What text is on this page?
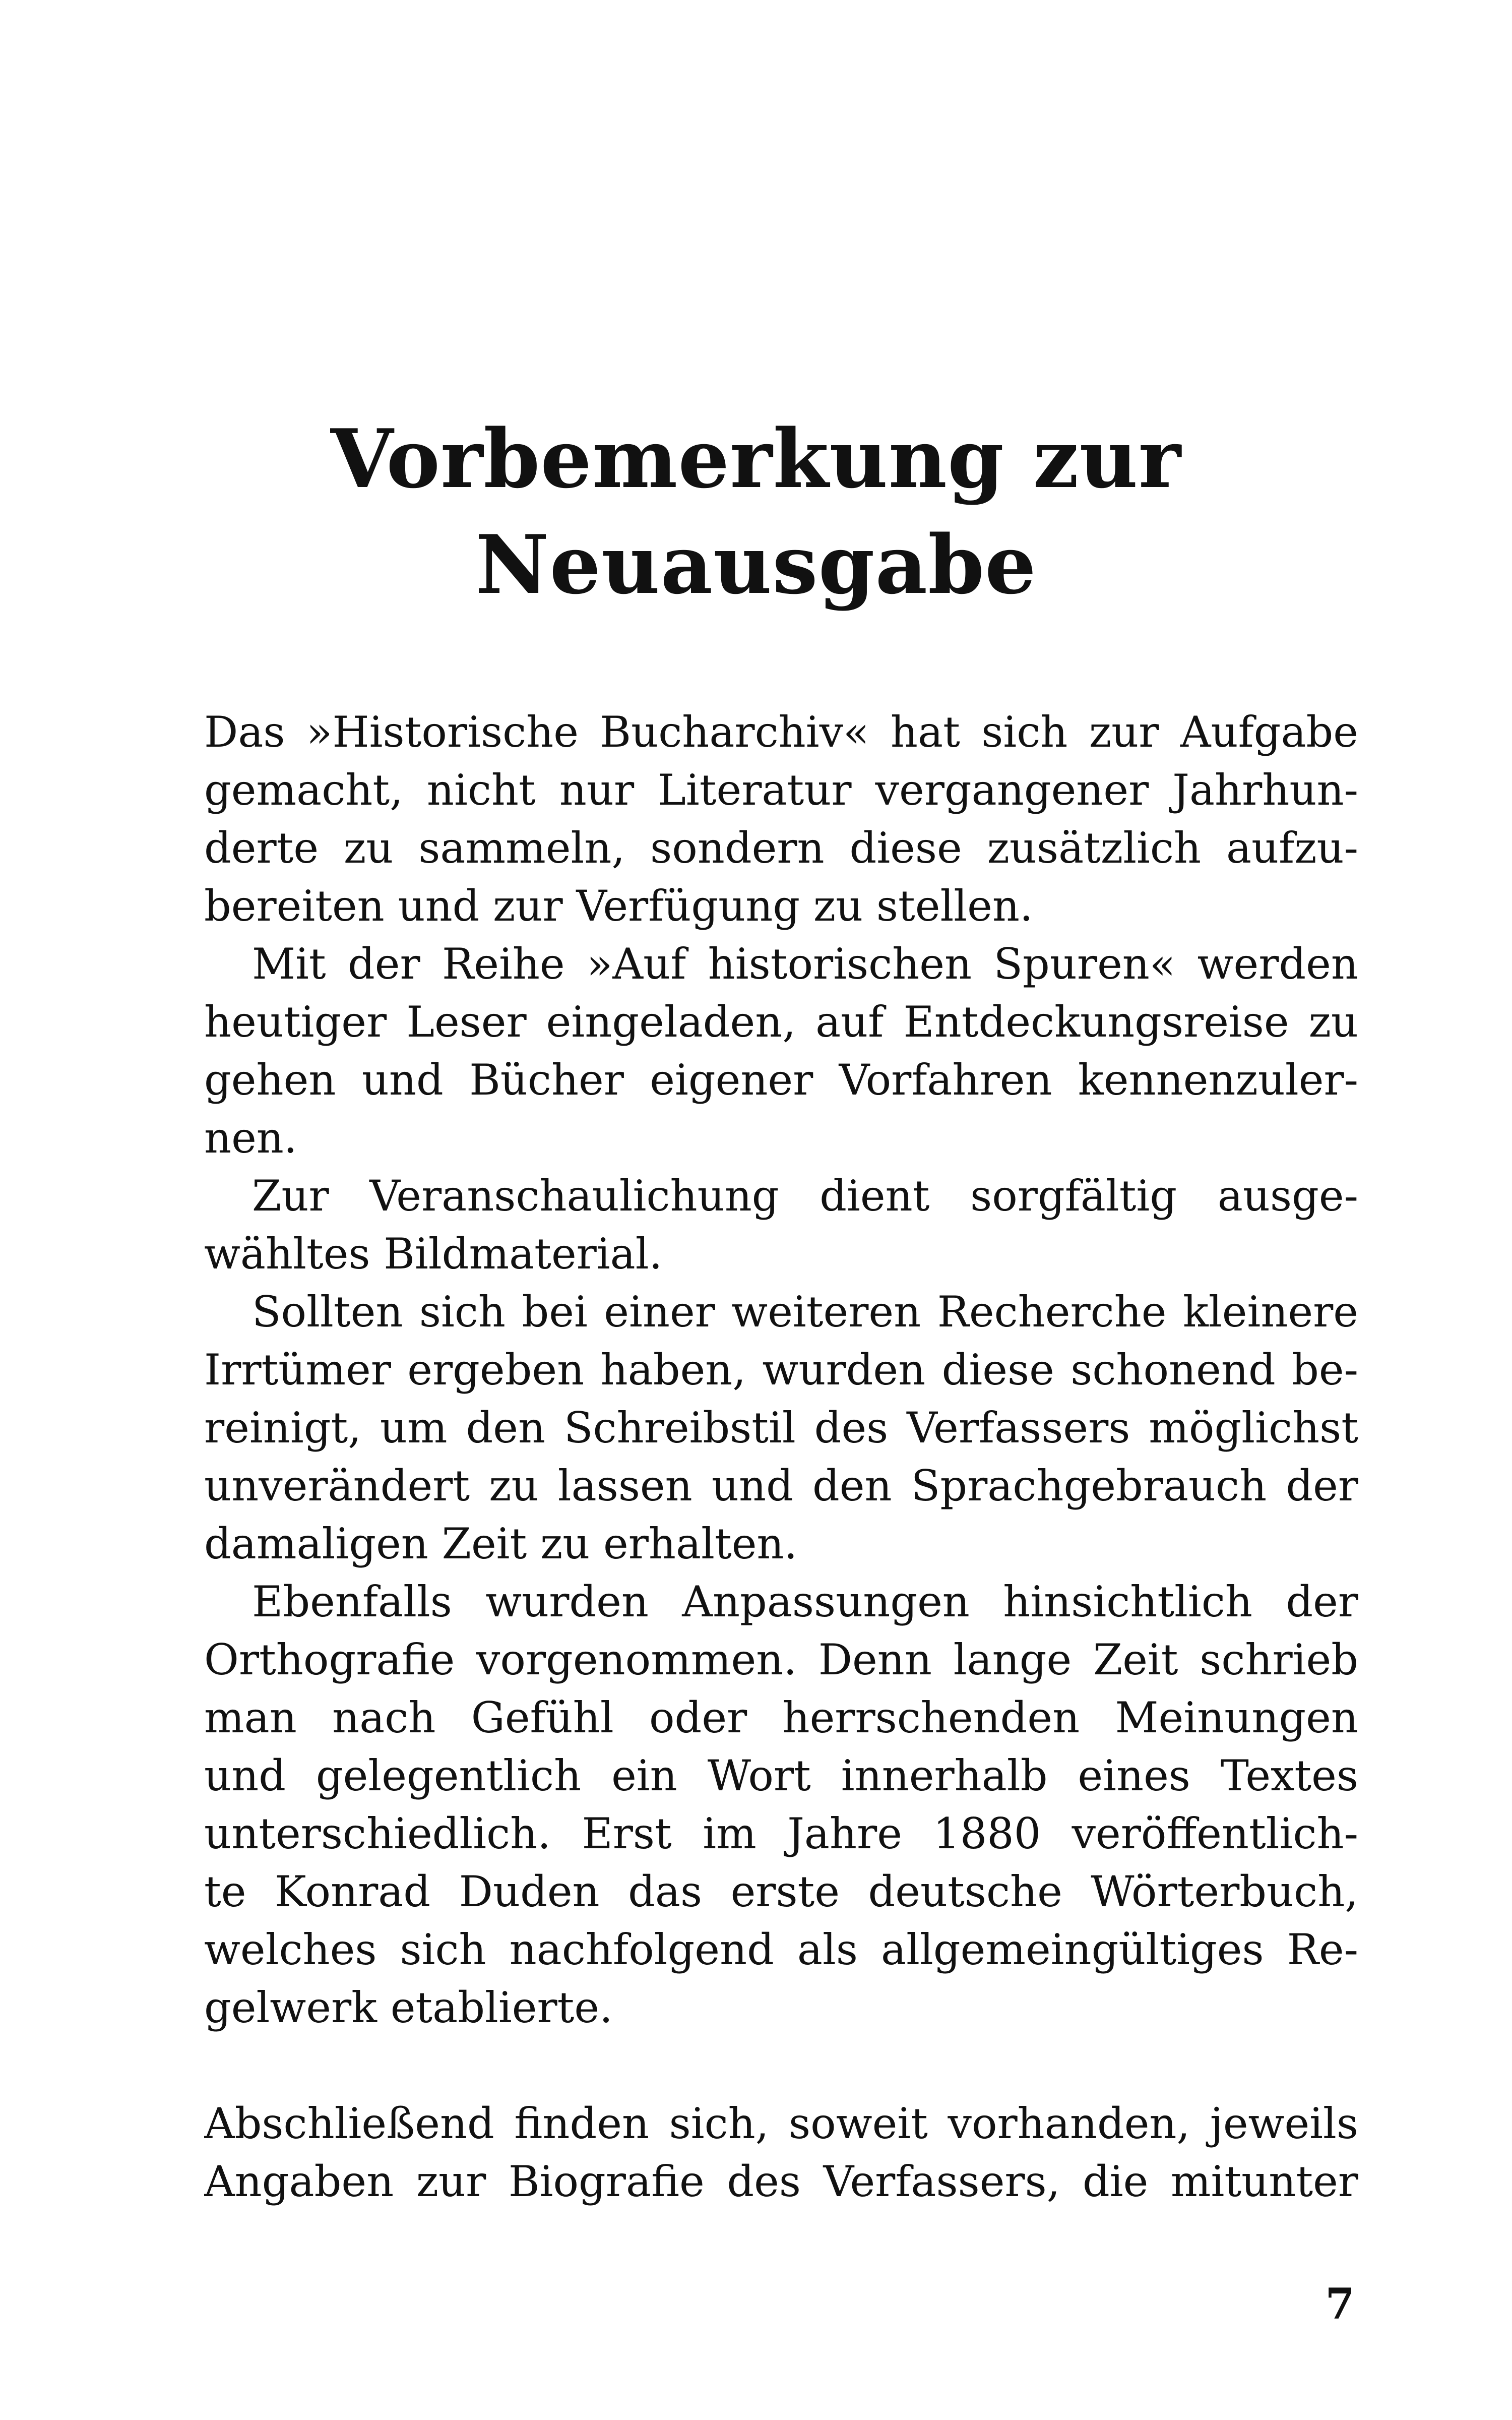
Vorbemerkung zur
Neuausgabe
Das »Historische Bucharchiv« hat sich zur Aufgabe
gemacht, nicht nur Literatur vergangener Jahrhun-
derte zu sammeln, sondern diese zusätzlich aufzu-
bereiten und zur Verfügung zu stellen.
Mit der Reihe »Auf historischen Spuren« werden
heutiger Leser eingeladen, auf Entdeckungsreise zu
gehen und Bücher eigener Vorfahren kennenzuler-
nen.
Zur Veranschaulichung dient sorgfältig ausge-
wähltes Bildmaterial.
Sollten sich bei einer weiteren Recherche kleinere
Irrtümer ergeben haben, wurden diese schonend be-
reinigt, um den Schreibstil des Verfassers möglichst
unverändert zu lassen und den Sprachgebrauch der
damaligen Zeit zu erhalten.
Ebenfalls wurden Anpassungen hinsichtlich der
Orthografie vorgenommen. Denn lange Zeit schrieb
man nach Gefühl oder herrschenden Meinungen
und gelegentlich ein Wort innerhalb eines Textes
unterschiedlich. Erst im Jahre 1880 veröffentlich-
te Konrad Duden das erste deutsche Wörterbuch,
welches sich nachfolgend als allgemeingültiges Re-
gelwerk etablierte.
Abschließend finden sich, soweit vorhanden, jeweils
Angaben zur Biografie des Verfassers, die mitunter
7
